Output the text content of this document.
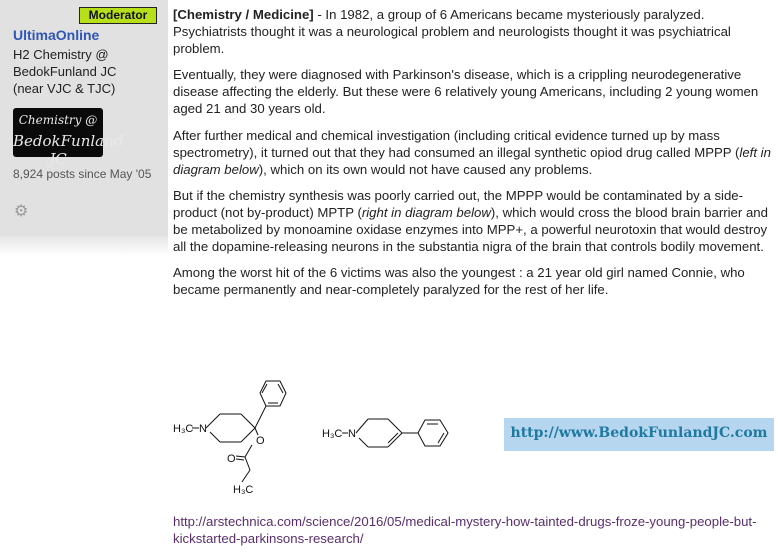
Moderator
UltimaOnline
H2 Chemistry @
BedokFunland JC
(near VJC & TJC)
Chemistry @
BedokFunland JC
8,924 posts since May '05
⚙

[Chemistry / Medicine] - In 1982, a group of 6 Americans became mysteriously paralyzed. Psychiatrists thought it was a neurological problem and neurologists thought it was psychiatrical problem.

Eventually, they were diagnosed with Parkinson's disease, which is a crippling neurodegenerative disease affecting the elderly. But these were 6 relatively young Americans, including 2 young women aged 21 and 30 years old.

After further medical and chemical investigation (including critical evidence turned up by mass spectrometry), it turned out that they had consumed an illegal synthetic opiod drug called MPPP (left in diagram below), which on its own would not have caused any problems.

But if the chemistry synthesis was poorly carried out, the MPPP would be contaminated by a side-product (not by-product) MPTP (right in diagram below), which would cross the blood brain barrier and be metabolized by monoamine oxidase enzymes into MPP+, a powerful neurotoxin that would destroy all the dopamine-releasing neurons in the substantia nigra of the brain that controls bodily movement.

Among the worst hit of the 6 victims was also the youngest : a 21 year old girl named Connie, who became permanently and near-completely paralyzed for the rest of her life.

H₃C N
O
O
H₃C
H₃C N	http://www.BedokFunlandJC.com
http://arstechnica.com/science/2016/05/medical-mystery-how-tainted-drugs-froze-young-people-but-kickstarted-parkinsons-research/
